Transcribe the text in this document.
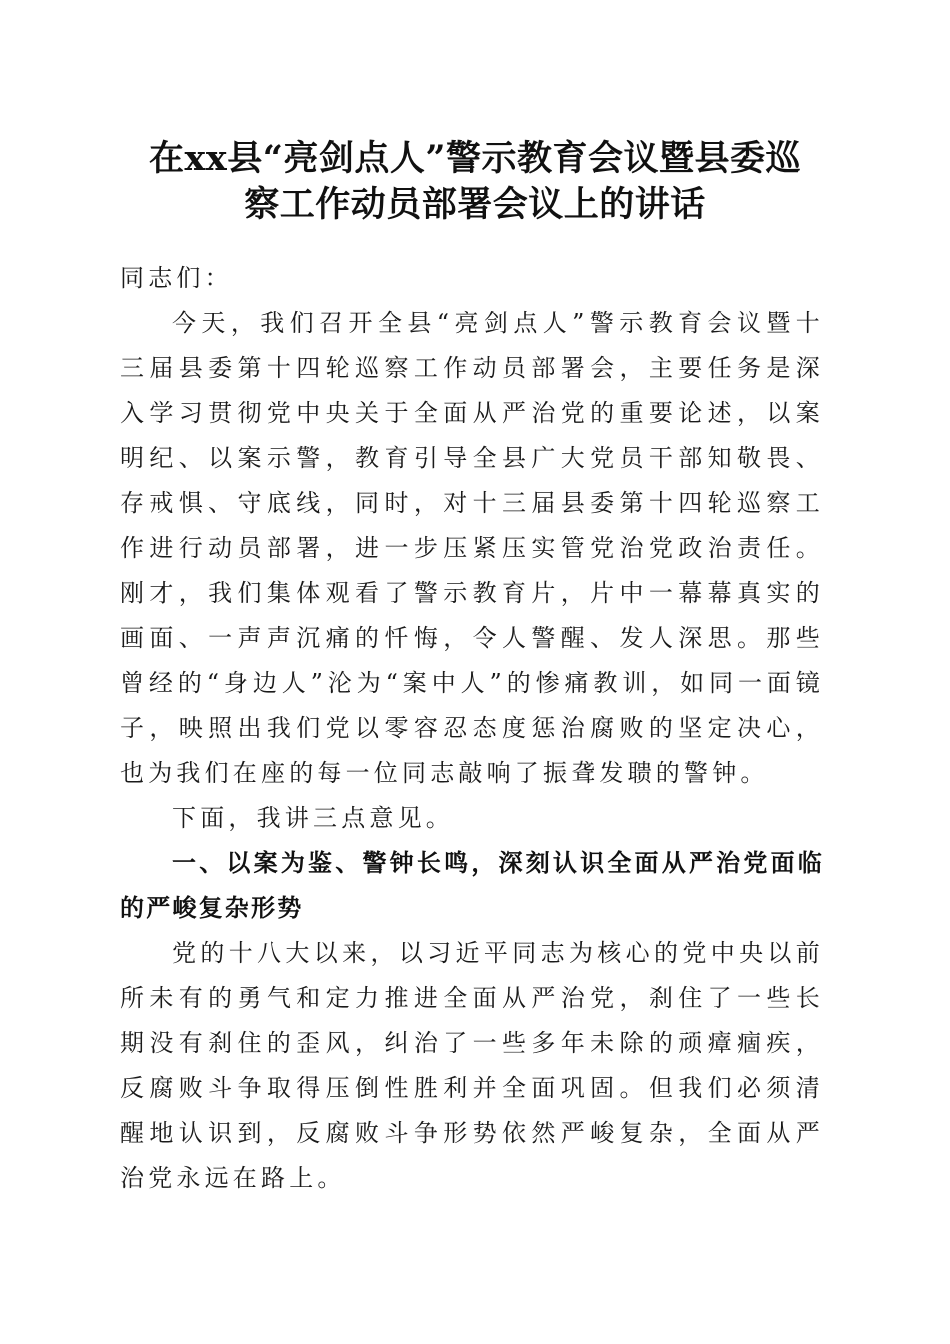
在xx县“亮剑点人”警示教育会议暨县委巡
察工作动员部署会议上的讲话

同志们：

今天，我们召开全县“亮剑点人”警示教育会议暨十三届县委第十四轮巡察工作动员部署会，主要任务是深入学习贯彻党中央关于全面从严治党的重要论述，以案明纪、以案示警，教育引导全县广大党员干部知敬畏、存戒惧、守底线，同时，对十三届县委第十四轮巡察工作进行动员部署，进一步压紧压实管党治党政治责任。刚才，我们集体观看了警示教育片，片中一幕幕真实的画面、一声声沉痛的忏悔，令人警醒、发人深思。那些曾经的“身边人”沦为“案中人”的惨痛教训，如同一面镜子，映照出我们党以零容忍态度惩治腐败的坚定决心，也为我们在座的每一位同志敲响了振聋发聩的警钟。

下面，我讲三点意见。

一、以案为鉴、警钟长鸣，深刻认识全面从严治党面临的严峻复杂形势

党的十八大以来，以习近平同志为核心的党中央以前所未有的勇气和定力推进全面从严治党，刹住了一些长期没有刹住的歪风，纠治了一些多年未除的顽瘴痼疾，反腐败斗争取得压倒性胜利并全面巩固。但我们必须清醒地认识到，反腐败斗争形势依然严峻复杂，全面从严治党永远在路上。
